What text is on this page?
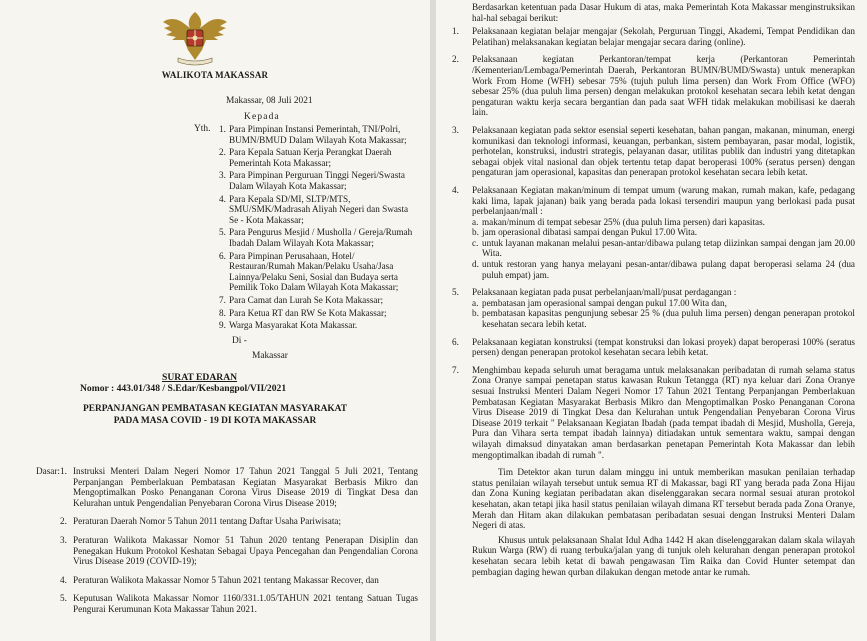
WALIKOTA MAKASSAR
Makassar, 08 Juli 2021
Kepada
Yth. 1. Para Pimpinan Instansi Pemerintah, TNI/Polri, BUMN/BMUD Dalam Wilayah Kota Makassar;
2. Para Kepala Satuan Kerja Perangkat Daerah Pemerintah Kota Makassar;
3. Para Pimpinan Perguruan Tinggi Negeri/Swasta Dalam Wilayah Kota Makassar;
4. Para Kepala SD/MI, SLTP/MTS, SMU/SMK/Madrasah Aliyah Negeri dan Swasta Se - Kota Makassar;
5. Para Pengurus Mesjid / Musholla / Gereja/Rumah Ibadah Dalam Wilayah Kota Makassar;
6. Para Pimpinan Perusahaan, Hotel/ Restauran/Rumah Makan/Pelaku Usaha/Jasa Lainnya/Pelaku Seni, Sosial dan Budaya serta Pemilik Toko Dalam Wilayah Kota Makassar;
7. Para Camat dan Lurah Se Kota Makassar;
8. Para Ketua RT dan RW Se Kota Makassar;
9. Warga Masyarakat Kota Makassar.
Di -
Makassar
SURAT EDARAN
Nomor : 443.01/348 / S.Edar/Kesbangpol/VII/2021
PERPANJANGAN PEMBATASAN KEGIATAN MASYARAKAT
PADA MASA COVID - 19 DI KOTA MAKASSAR
Dasar: 1. Instruksi Menteri Dalam Negeri Nomor 17 Tahun 2021 Tanggal 5 Juli 2021, Tentang Perpanjangan Pemberlakuan Pembatasan Kegiatan Masyarakat Berbasis Mikro dan Mengoptimalkan Posko Penanganan Corona Virus Disease 2019 di Tingkat Desa dan Kelurahan untuk Pengendalian Penyebaran Corona Virus Disease 2019;
2. Peraturan Daerah Nomor 5 Tahun 2011 tentang Daftar Usaha Pariwisata;
3. Peraturan Walikota Makassar Nomor 51 Tahun 2020 tentang Penerapan Disiplin dan Penegakan Hukum Protokol Keshatan Sebagai Upaya Pencegahan dan Pengendalian Corona Virus Disease 2019 (COVID-19);
4. Peraturan Walikota Makassar Nomor 5 Tahun 2021 tentang Makassar Recover, dan
5. Keputusan Walikota Makassar Nomor 1160/331.1.05/TAHUN 2021 tentang Satuan Tugas Pengurai Kerumunan Kota Makassar Tahun 2021.

Berdasarkan ketentuan pada Dasar Hukum di atas, maka Pemerintah Kota Makassar menginstruksikan hal-hal sebagai berikut:

1.	Pelaksanaan kegiatan belajar mengajar (Sekolah, Perguruan Tinggi, Akademi, Tempat Pendidikan dan Pelatihan) melaksanakan kegiatan belajar mengajar secara daring (online).
2.	Pelaksanaan kegiatan Perkantoran/tempat kerja (Perkantoran Pemerintah /Kementerian/Lembaga/Pemerintah Daerah, Perkantoran BUMN/BUMD/Swasta) untuk menerapkan Work From Home (WFH) sebesar 75% (tujuh puluh lima persen) dan Work From Office (WFO) sebesar 25% (dua puluh lima persen) dengan melakukan protokol kesehatan secara lebih ketat dengan pengaturan waktu kerja secara bergantian dan pada saat WFH tidak melakukan mobilisasi ke daerah lain.
3.	Pelaksanaan kegiatan pada sektor esensial seperti kesehatan, bahan pangan, makanan, minuman, energi komunikasi dan teknologi informasi, keuangan, perbankan, sistem pembayaran, pasar modal, logistik, perhotelan, konstruksi, industri strategis, pelayanan dasar, utilitas publik dan industri yang ditetapkan sebagai objek vital nasional dan objek tertentu tetap dapat beroperasi 100% (seratus persen) dengan pengaturan jam operasional, kapasitas dan penerapan protokol kesehatan secara lebih ketat.
4.	Pelaksanaan Kegiatan makan/minum di tempat umum (warung makan, rumah makan, kafe, pedagang kaki lima, lapak jajanan) baik yang berada pada lokasi tersendiri maupun yang berlokasi pada pusat perbelanjaan/mall :
a. makan/minum di tempat sebesar 25% (dua puluh lima persen) dari kapasitas.
b. jam operasional dibatasi sampai dengan Pukul 17.00 Wita.
c. untuk layanan makanan melalui pesan-antar/dibawa pulang tetap diizinkan sampai dengan jam 20.00 Wita.
d. untuk restoran yang hanya melayani pesan-antar/dibawa pulang dapat beroperasi selama 24 (dua puluh empat) jam.
5.	Pelaksanaan kegiatan pada pusat perbelanjaan/mall/pusat perdagangan :
a. pembatasan jam operasional sampai dengan pukul 17.00 Wita dan,
b. pembatasan kapasitas pengunjung sebesar 25 % (dua puluh lima persen) dengan penerapan protokol kesehatan secara lebih ketat.
6.	Pelaksanaan kegiatan konstruksi (tempat konstruksi dan lokasi proyek) dapat beroperasi 100% (seratus persen) dengan penerapan protokol kesehatan secara lebih ketat.
7.	Menghimbau kepada seluruh umat beragama untuk melaksanakan peribadatan di rumah selama status Zona Oranye sampai penetapan status kawasan Rukun Tetangga (RT) nya keluar dari Zona Oranye sesuai Instruksi Menteri Dalam Negeri Nomor 17 Tahun 2021 Tentang Perpanjangan Pemberlakuan Pembatasan Kegiatan Masyarakat Berbasis Mikro dan Mengoptimalkan Posko Penanganan Corona Virus Disease 2019 di Tingkat Desa dan Kelurahan untuk Pengendalian Penyebaran Corona Virus Disease 2019 terkait " Pelaksanaan Kegiatan Ibadah (pada tempat ibadah di Mesjid, Musholla, Gereja, Pura dan Vihara serta tempat ibadah lainnya) ditiadakan untuk sementara waktu, sampai dengan wilayah dimaksud dinyatakan aman berdasarkan penetapan Pemerintah Kota Makassar dan lebih mengoptimalkan ibadah di rumah ".

Tim Detektor akan turun dalam minggu ini untuk memberikan masukan penilaian terhadap status penilaian wilayah tersebut untuk semua RT di Makassar, bagi RT yang berada pada Zona Hijau dan Zona Kuning kegiatan peribadatan akan diselenggarakan secara normal sesuai aturan protokol kesehatan, akan tetapi jika hasil status penilaian wilayah dimana RT tersebut berada pada Zona Oranye, Merah dan Hitam akan dilakukan pembatasan peribadatan sesuai dengan Instruksi Menteri Dalam Negeri di atas.

Khusus untuk pelaksanaan Shalat Idul Adha 1442 H akan diselenggarakan dalam skala wilayah Rukun Warga (RW) di ruang terbuka/jalan yang di tunjuk oleh kelurahan dengan penerapan protokol kesehatan secara lebih ketat di bawah pengawasan Tim Raika dan Covid Hunter setempat dan pembagian daging hewan qurban dilakukan dengan metode antar ke rumah.
